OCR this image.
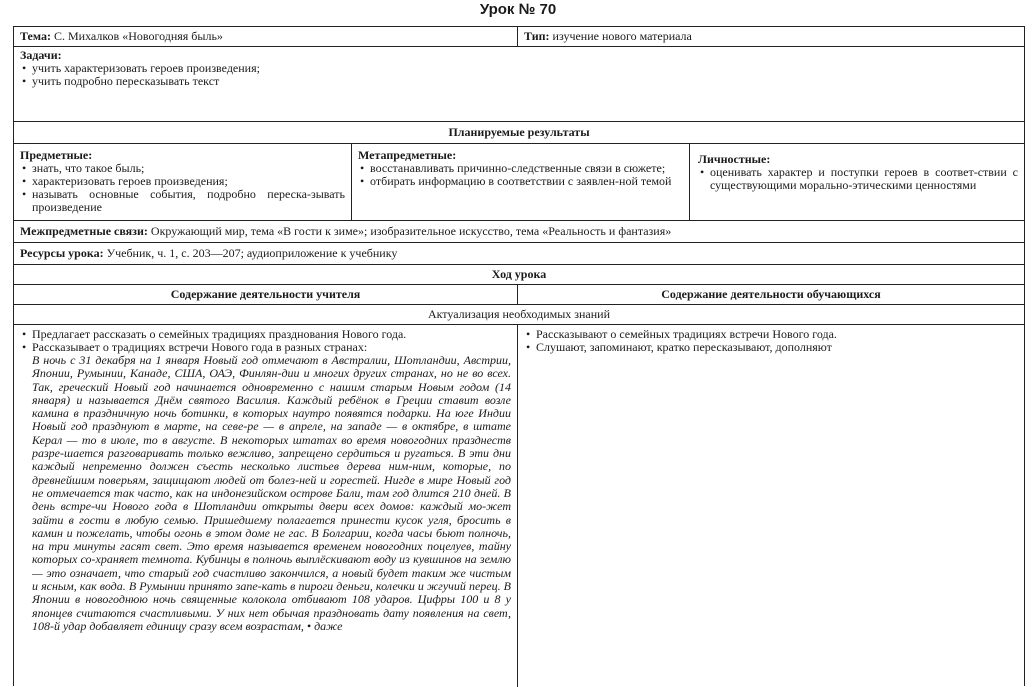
Урок № 70
Тема: С. Михалков «Новогодняя быль»	Тип: изучение нового материала
Задачи:
• учить характеризовать героев произведения;
• учить подробно пересказывать текст
Планируемые результаты
Предметные:
• знать, что такое быль;
• характеризовать героев произведения;
• называть основные события, подробно переска-зывать произведение
Метапредметные:
• восстанавливать причинно-следственные связи в сюжете;
• отбирать информацию в соответствии с заявлен-ной темой
Личностные:
• оценивать характер и поступки героев в соответ-ствии с существующими морально-этическими ценностями
Межпредметные связи: Окружающий мир, тема «В гости к зиме»; изобразительное искусство, тема «Реальность и фантазия»
Ресурсы урока: Учебник, ч. 1, с. 203—207; аудиоприложение к учебнику
Ход урока
Содержание деятельности учителя	Содержание деятельности обучающихся
Актуализация необходимых знаний
• Предлагает рассказать о семейных традициях празднования Нового года.
• Рассказывает о традициях встречи Нового года в разных странах:
В ночь с 31 декабря на 1 января Новый год отмечают в Австралии, Шотландии, Австрии, Японии, Румынии, Канаде, США, ОАЭ, Финлян-дии и многих других странах, но не во всех. Так, греческий Новый год начинается одновременно с нашим старым Новым годом (14 января) и называется Днём святого Василия. Каждый ребёнок в Греции ставит возле камина в праздничную ночь ботинки, в которых наутро появятся подарки. На юге Индии Новый год празднуют в марте, на севе-ре — в апреле, на западе — в октябре, в штате Керал — то в июле, то в августе. В некоторых штатах во время новогодних празднеств разре-шается разговаривать только вежливо, запрещено сердиться и ругаться. В эти дни каждый непременно должен съесть несколько листьев дерева ним-ним, которые, по древнейшим поверьям, защищают людей от болез-ней и горестей. Нигде в мире Новый год не отмечается так часто, как на индонезийском острове Бали, там год длится 210 дней. В день встре-чи Нового года в Шотландии открыты двери всех домов: каждый мо-жет зайти в гости в любую семью. Пришедшему полагается принести кусок угля, бросить в камин и пожелать, чтобы огонь в этом доме не гас. В Болгарии, когда часы бьют полночь, на три минуты гасят свет. Это время называется временем новогодних поцелуев, тайну которых со-храняет темнота. Кубинцы в полночь выплёскивают воду из кувшинов на землю — это означает, что старый год счастливо закончился, а новый будет таким же чистым и ясным, как вода. В Румынии принято запе-кать в пироги деньги, колечки и жгучий перец. В Японии в новогоднюю ночь священные колокола отбивают 108 ударов. Цифры 100 и 8 у японцев считаются счастливыми. У них нет обычая праздновать дату появления на свет, 108-й удар добавляет единицу сразу всем возрастам, • даже
• Рассказывают о семейных традициях встречи Нового года.
• Слушают, запоминают, кратко пересказывают, дополняют
